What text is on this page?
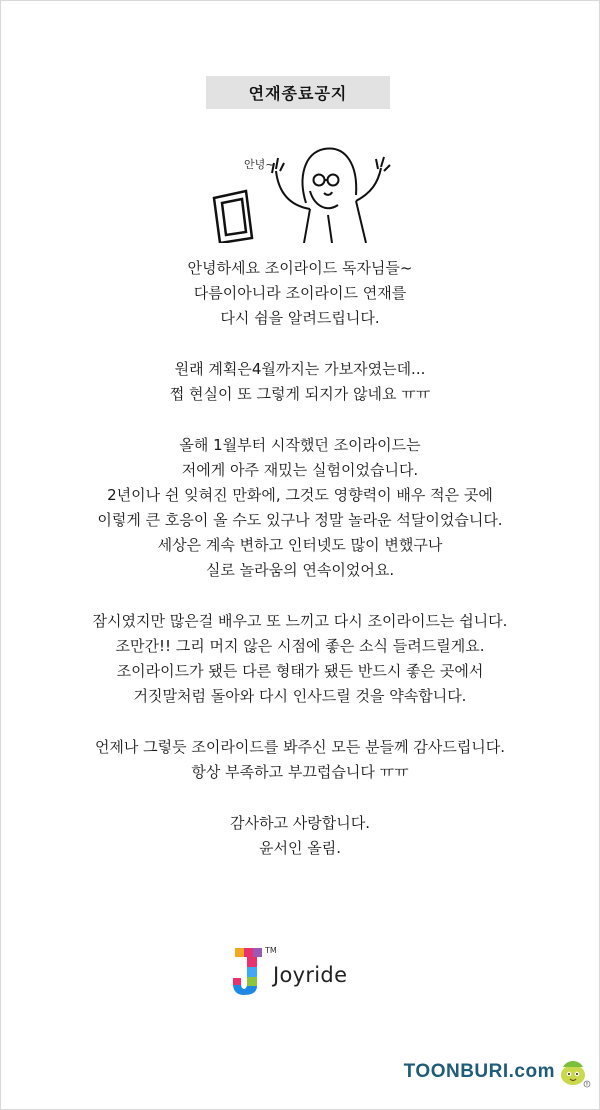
연재종료공지
안녕~

안녕하세요 조이라이드 독자님들~
다름이아니라 조이라이드 연재를
다시 쉼을 알려드립니다.

원래 계획은4월까지는 가보자였는데...
쩝 현실이 또 그렇게 되지가 않네요 ㅠㅠ

올해 1월부터 시작했던 조이라이드는
저에게 아주 재밌는 실험이었습니다.
2년이나 쉰 잊혀진 만화에, 그것도 영향력이 배우 적은 곳에
이렇게 큰 호응이 올 수도 있구나 정말 놀라운 석달이었습니다.
세상은 계속 변하고 인터넷도 많이 변했구나
실로 놀라움의 연속이었어요.

잠시였지만 많은걸 배우고 또 느끼고 다시 조이라이드는 쉽니다.
조만간!! 그리 머지 않은 시점에 좋은 소식 들려드릴게요.
조이라이드가 됐든 다른 형태가 됐든 반드시 좋은 곳에서
거짓말처럼 돌아와 다시 인사드릴 것을 약속합니다.

언제나 그렇듯 조이라이드를 봐주신 모든 분들께 감사드립니다.
항상 부족하고 부끄럽습니다 ㅠㅠ

감사하고 사랑합니다.
윤서인 올림.

TM
Joyride
TOONBURI.com
R
